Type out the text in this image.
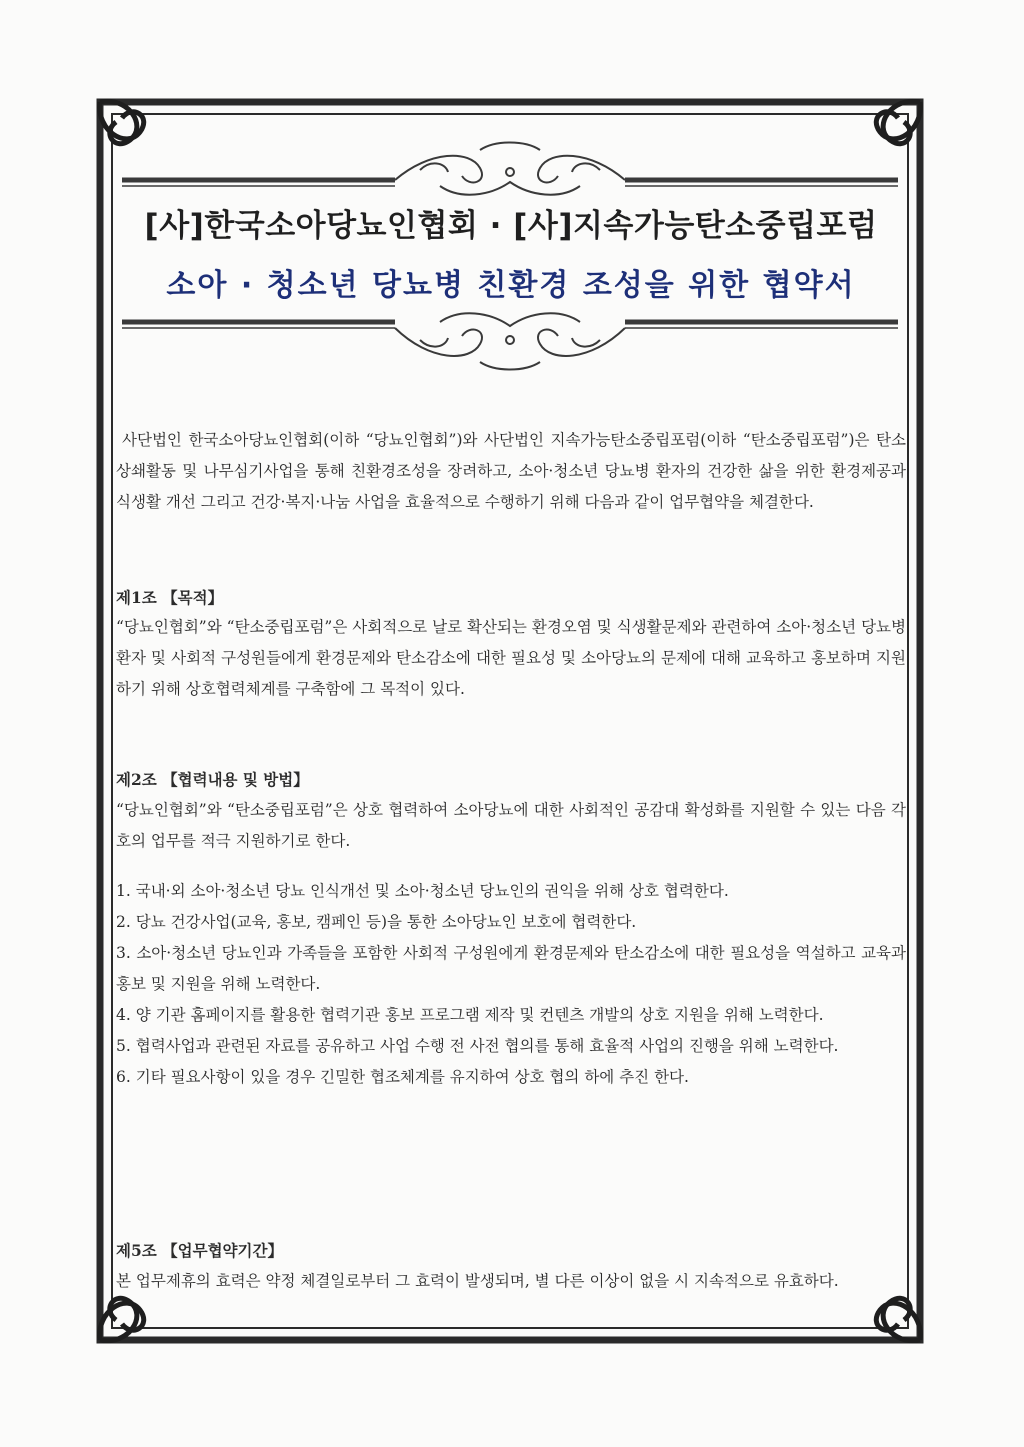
[사]한국소아당뇨인협회 · [사]지속가능탄소중립포럼
소아 · 청소년 당뇨병 친환경 조성을 위한 협약서

사단법인 한국소아당뇨인협회(이하 “당뇨인협회”)와 사단법인 지속가능탄소중립포럼(이하 “탄소중립포럼”)은 탄소상쇄활동 및 나무심기사업을 통해 친환경조성을 장려하고, 소아·청소년 당뇨병 환자의 건강한 삶을 위한 환경제공과 식생활 개선 그리고 건강·복지·나눔 사업을 효율적으로 수행하기 위해 다음과 같이 업무협약을 체결한다.

제1조 【목적】

“당뇨인협회”와 “탄소중립포럼”은 사회적으로 날로 확산되는 환경오염 및 식생활문제와 관련하여 소아·청소년 당뇨병 환자 및 사회적 구성원들에게 환경문제와 탄소감소에 대한 필요성 및 소아당뇨의 문제에 대해 교육하고 홍보하며 지원하기 위해 상호협력체계를 구축함에 그 목적이 있다.

제2조 【협력내용 및 방법】

“당뇨인협회”와 “탄소중립포럼”은 상호 협력하여 소아당뇨에 대한 사회적인 공감대 확성화를 지원할 수 있는 다음 각 호의 업무를 적극 지원하기로 한다.

1. 국내·외 소아·청소년 당뇨 인식개선 및 소아·청소년 당뇨인의 권익을 위해 상호 협력한다.

2. 당뇨 건강사업(교육, 홍보, 캠페인 등)을 통한 소아당뇨인 보호에 협력한다.

3. 소아·청소년 당뇨인과 가족들을 포함한 사회적 구성원에게 환경문제와 탄소감소에 대한 필요성을 역설하고 교육과 홍보 및 지원을 위해 노력한다.

4. 양 기관 홈페이지를 활용한 협력기관 홍보 프로그램 제작 및 컨텐츠 개발의 상호 지원을 위해 노력한다.

5. 협력사업과 관련된 자료를 공유하고 사업 수행 전 사전 협의를 통해 효율적 사업의 진행을 위해 노력한다.

6. 기타 필요사항이 있을 경우 긴밀한 협조체계를 유지하여 상호 협의 하에 추진 한다.

제5조 【업무협약기간】

본 업무제휴의 효력은 약정 체결일로부터 그 효력이 발생되며, 별 다른 이상이 없을 시 지속적으로 유효하다.
